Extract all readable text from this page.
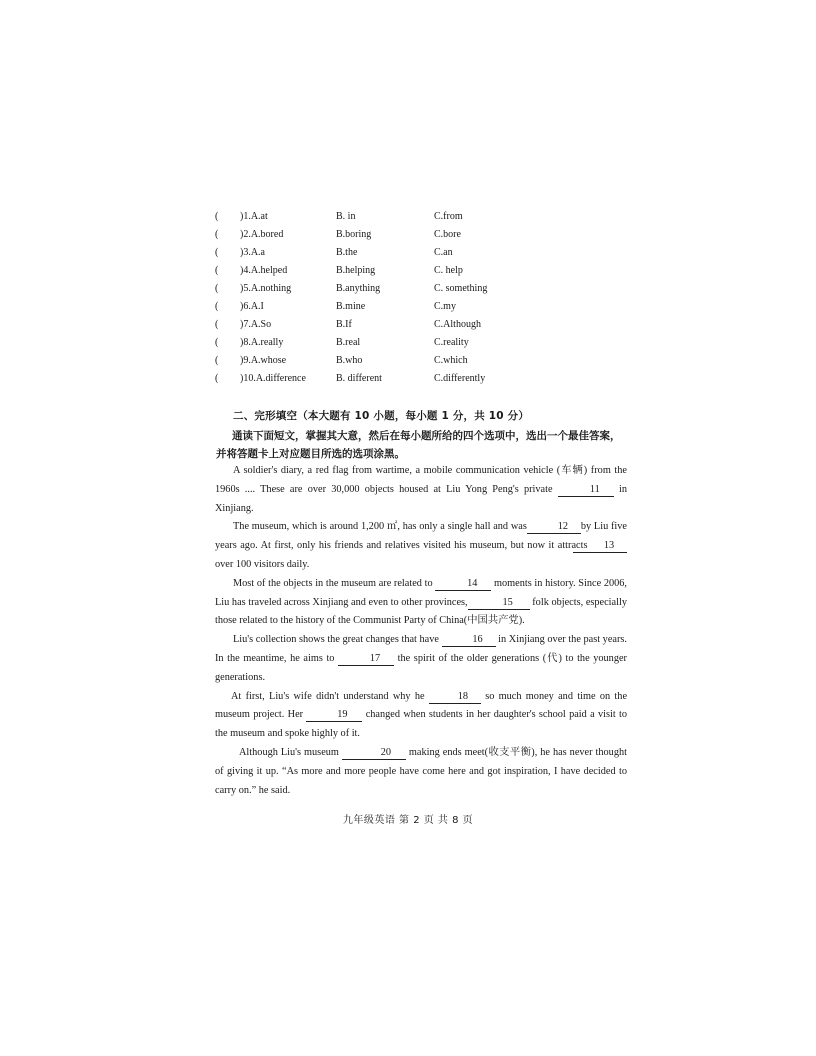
( )1.A.at	B. in	C.from
( )2.A.bored	B.boring	C.bore
( )3.A.a	B.the	C.an
( )4.A.helped	B.helping	C. help
( )5.A.nothing	B.anything	C. something
( )6.A.I	B.mine	C.my
( )7.A.So	B.If	C.Although
( )8.A.really	B.real	C.reality
( )9.A.whose	B.who	C.which
( )10.A.difference	B. different	C.differently
二、完形填空（本大题有 10 小题，每小题 1 分，共 10 分）
通读下面短文，掌握其大意，然后在每小题所给的四个选项中，选出一个最佳答案，
并将答题卡上对应题目所选的选项涂黑。

A soldier's diary, a red flag from wartime, a mobile communication vehicle (车辆) from the 1960s .... These are over 30,000 objects housed at Liu Yong Peng's private	11 in Xinjiang.

The museum, which is around 1,200 ㎡, has only a single hall and was	12 by Liu five years ago. At first, only his friends and relatives visited his museum, but now it attracts 13over 100 visitors daily.

Most of the objects in the museum are related to	14 moments in history. Since 2006, Liu has traveled across Xinjiang and even to other provinces,	15 folk objects, especially those related to the history of the Communist Party of China(中国共产党).

Liu's collection shows the great changes that have	16 in Xinjiang over the past years. In the meantime, he aims to	17 the spirit of the older generations (代) to the younger generations.

At first, Liu's wife didn't understand why he	18 so much money and time on the museum project. Her	19 changed when students in her daughter's school paid a visit to the museum and spoke highly of it.

Although Liu's museum	20 making ends meet(收支平衡), he has never thought of giving it up. “As more and more people have come here and got inspiration, I have decided to carry on.” he said.

九年级英语 第 2 页 共 8 页
